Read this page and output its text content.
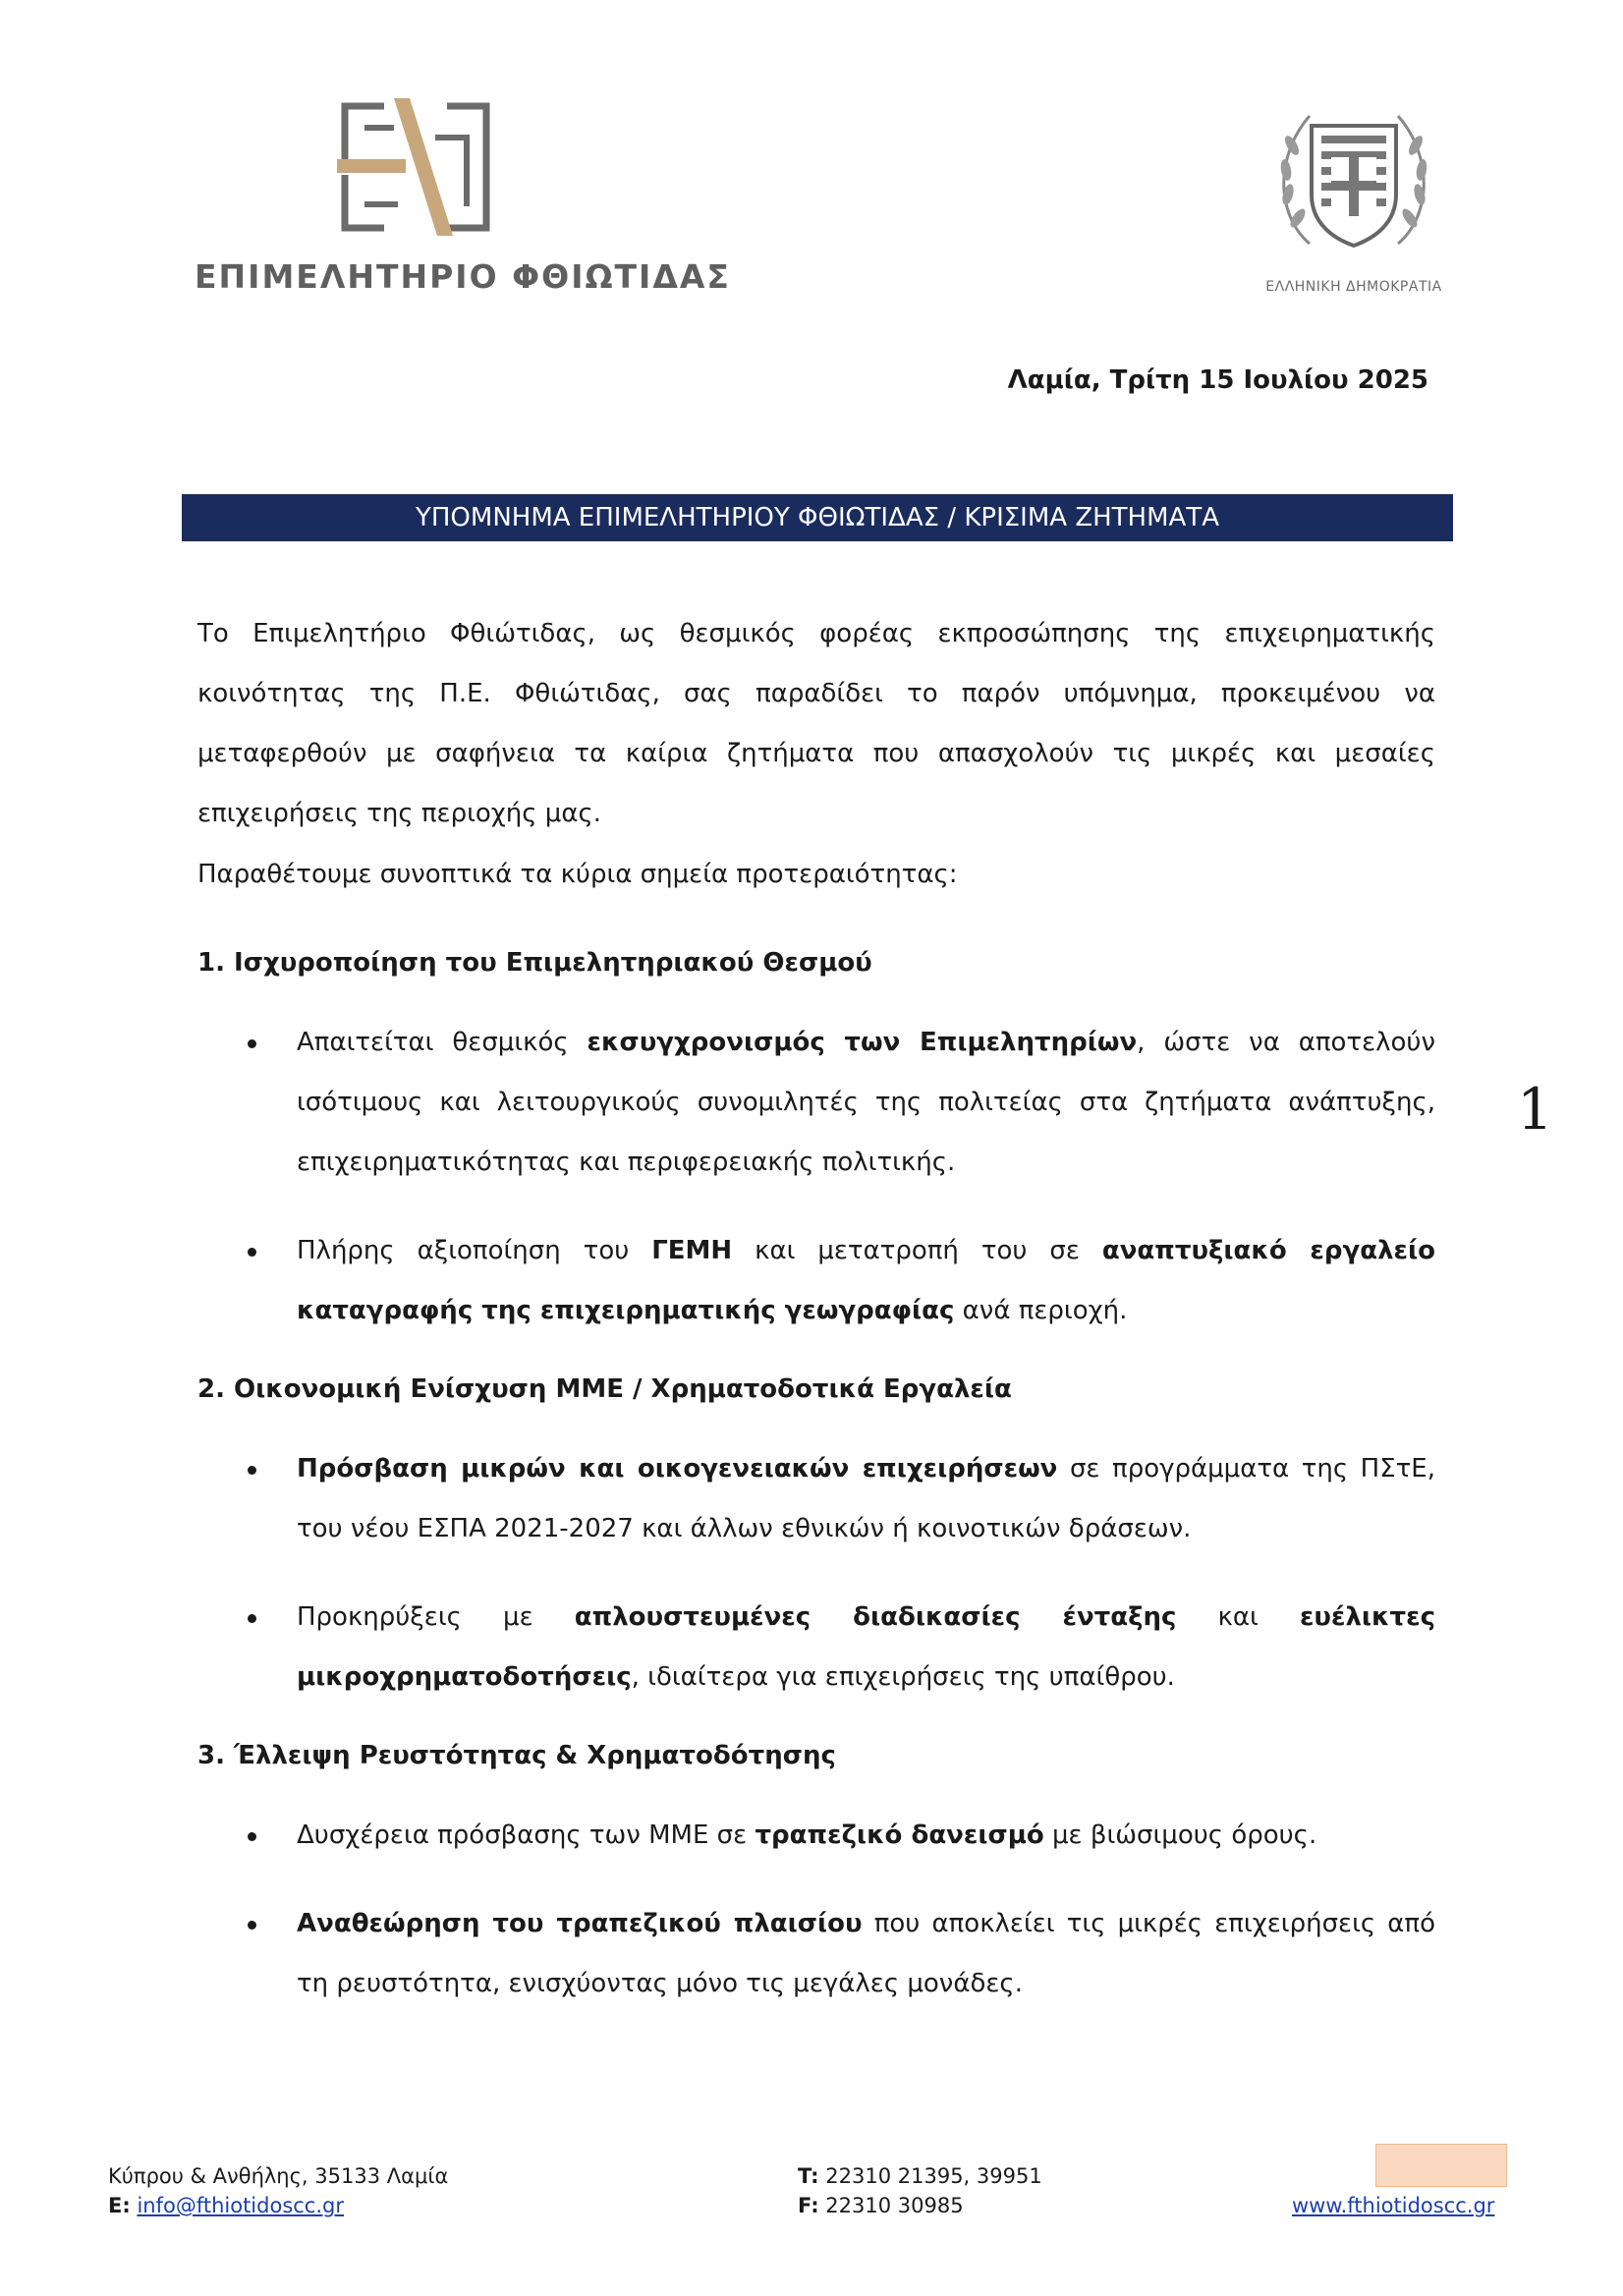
ΕΠΙΜΕΛΗΤΗΡΙΟ ΦΘΙΩΤΙΔΑΣ	ΕΛΛΗΝΙΚΗ ΔΗΜΟΚΡΑΤΙΑ
Λαμία, Τρίτη 15 Ιουλίου 2025
ΥΠΟΜΝΗΜΑ ΕΠΙΜΕΛΗΤΗΡΙΟΥ ΦΘΙΩΤΙΔΑΣ / ΚΡΙΣΙΜΑ ΖΗΤΗΜΑΤΑ

Το Επιμελητήριο Φθιώτιδας, ως θεσμικός φορέας εκπροσώπησης της επιχειρηματικής κοινότητας της Π.Ε. Φθιώτιδας, σας παραδίδει το παρόν υπόμνημα, προκειμένου να μεταφερθούν με σαφήνεια τα καίρια ζητήματα που απασχολούν τις μικρές και μεσαίες επιχειρήσεις της περιοχής μας.

Παραθέτουμε συνοπτικά τα κύρια σημεία προτεραιότητας:

1. Ισχυροποίηση του Επιμελητηριακού Θεσμού

Απαιτείται θεσμικός εκσυγχρονισμός των Επιμελητηρίων, ώστε να αποτελούν ισότιμους και λειτουργικούς συνομιλητές της πολιτείας στα ζητήματα ανάπτυξης, επιχειρηματικότητας και περιφερειακής πολιτικής.
Πλήρης αξιοποίηση του ΓΕΜΗ και μετατροπή του σε αναπτυξιακό εργαλείο καταγραφής της επιχειρηματικής γεωγραφίας ανά περιοχή.

2. Οικονομική Ενίσχυση ΜΜΕ / Χρηματοδοτικά Εργαλεία

Πρόσβαση μικρών και οικογενειακών επιχειρήσεων σε προγράμματα της ΠΣτΕ, του νέου ΕΣΠΑ 2021-2027 και άλλων εθνικών ή κοινοτικών δράσεων.
Προκηρύξεις με απλουστευμένες διαδικασίες ένταξης και ευέλικτες μικροχρηματοδοτήσεις, ιδιαίτερα για επιχειρήσεις της υπαίθρου.

3. Έλλειψη Ρευστότητας & Χρηματοδότησης

Δυσχέρεια πρόσβασης των ΜΜΕ σε τραπεζικό δανεισμό με βιώσιμους όρους.
Αναθεώρηση του τραπεζικού πλαισίου που αποκλείει τις μικρές επιχειρήσεις από τη ρευστότητα, ενισχύοντας μόνο τις μεγάλες μονάδες.
1
Κύπρου & Ανθήλης, 35133 Λαμία
E: info@fthiotidoscc.gr
T: 22310 21395, 39951
F: 22310 30985	www.fthiotidoscc.gr
